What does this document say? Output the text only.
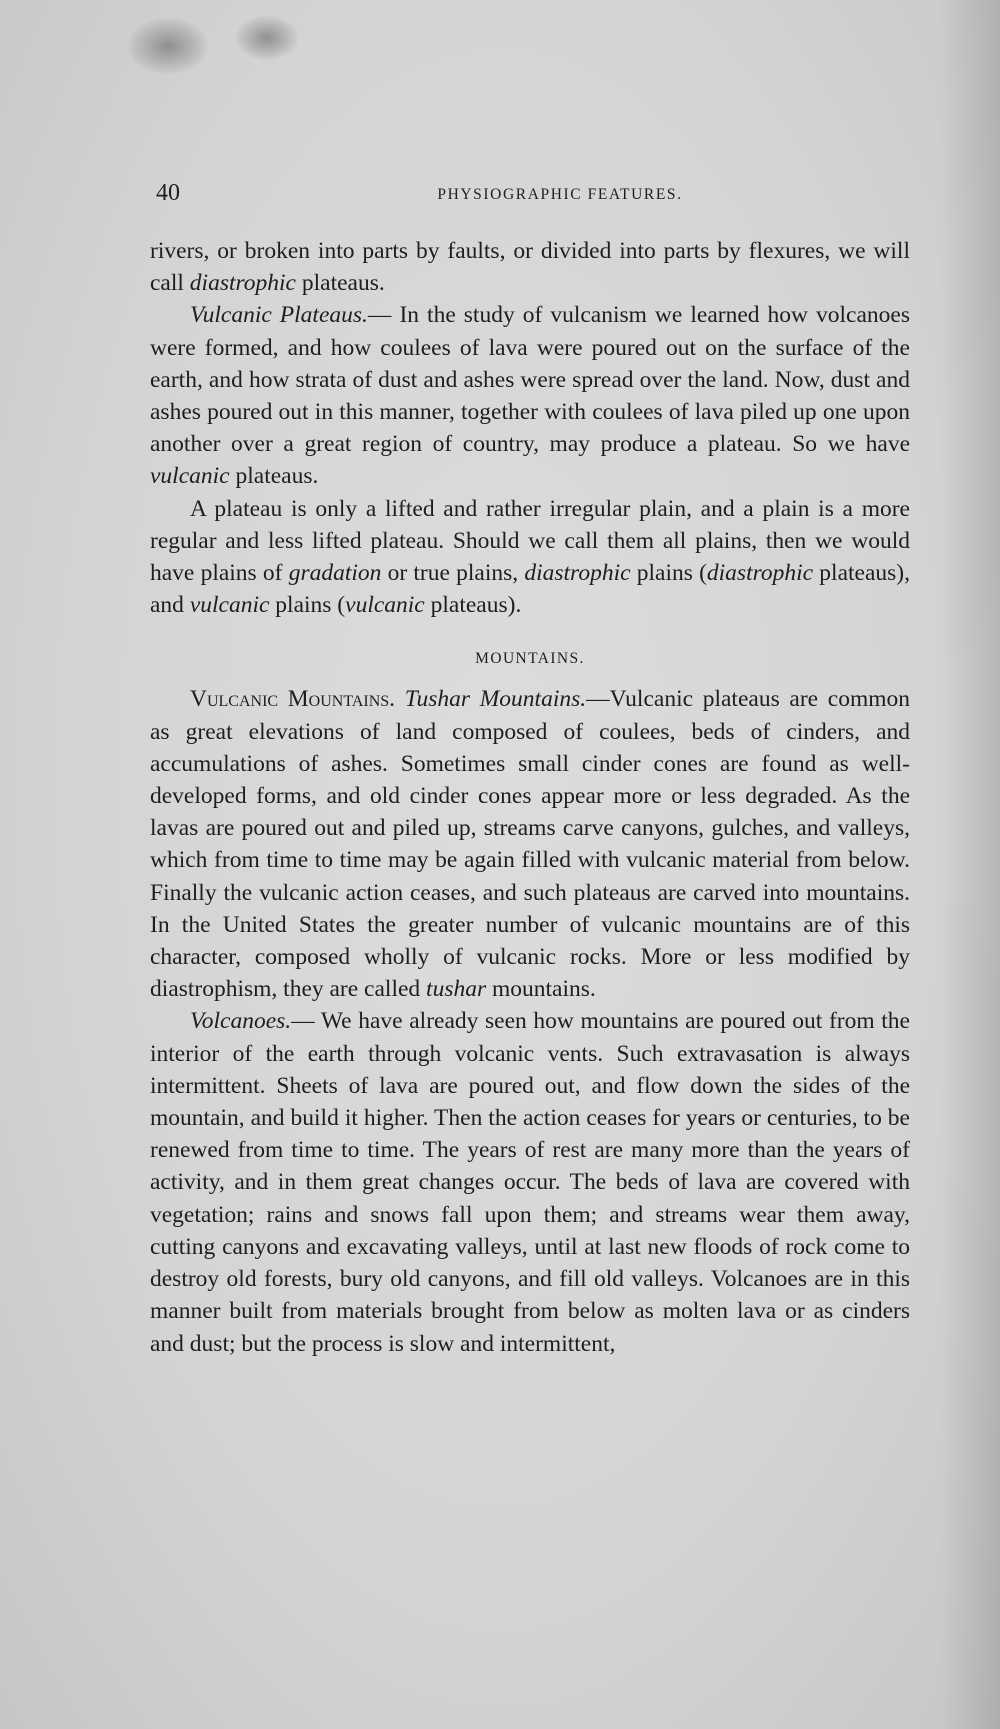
40	PHYSIOGRAPHIC FEATURES.

rivers, or broken into parts by faults, or divided into parts by flexures, we will call diastrophic plateaus.

Vulcanic Plateaus.— In the study of vulcanism we learned how volcanoes were formed, and how coulees of lava were poured out on the surface of the earth, and how strata of dust and ashes were spread over the land. Now, dust and ashes poured out in this manner, together with coulees of lava piled up one upon another over a great region of country, may produce a plateau. So we have vulcanic plateaus.

A plateau is only a lifted and rather irregular plain, and a plain is a more regular and less lifted plateau. Should we call them all plains, then we would have plains of gradation or true plains, diastrophic plains (diastrophic plateaus), and vulcanic plains (vulcanic plateaus).

MOUNTAINS.

Vulcanic Mountains. Tushar Mountains.—Vulcanic plateaus are common as great elevations of land composed of coulees, beds of cinders, and accumulations of ashes. Sometimes small cinder cones are found as well-developed forms, and old cinder cones appear more or less degraded. As the lavas are poured out and piled up, streams carve canyons, gulches, and valleys, which from time to time may be again filled with vulcanic material from below. Finally the vulcanic action ceases, and such plateaus are carved into mountains. In the United States the greater number of vulcanic mountains are of this character, composed wholly of vulcanic rocks. More or less modified by diastrophism, they are called tushar mountains.

Volcanoes.— We have already seen how mountains are poured out from the interior of the earth through volcanic vents. Such extravasation is always intermittent. Sheets of lava are poured out, and flow down the sides of the mountain, and build it higher. Then the action ceases for years or centuries, to be renewed from time to time. The years of rest are many more than the years of activity, and in them great changes occur. The beds of lava are covered with vegetation; rains and snows fall upon them; and streams wear them away, cutting canyons and excavating valleys, until at last new floods of rock come to destroy old forests, bury old canyons, and fill old valleys. Volcanoes are in this manner built from materials brought from below as molten lava or as cinders and dust; but the process is slow and intermittent,
